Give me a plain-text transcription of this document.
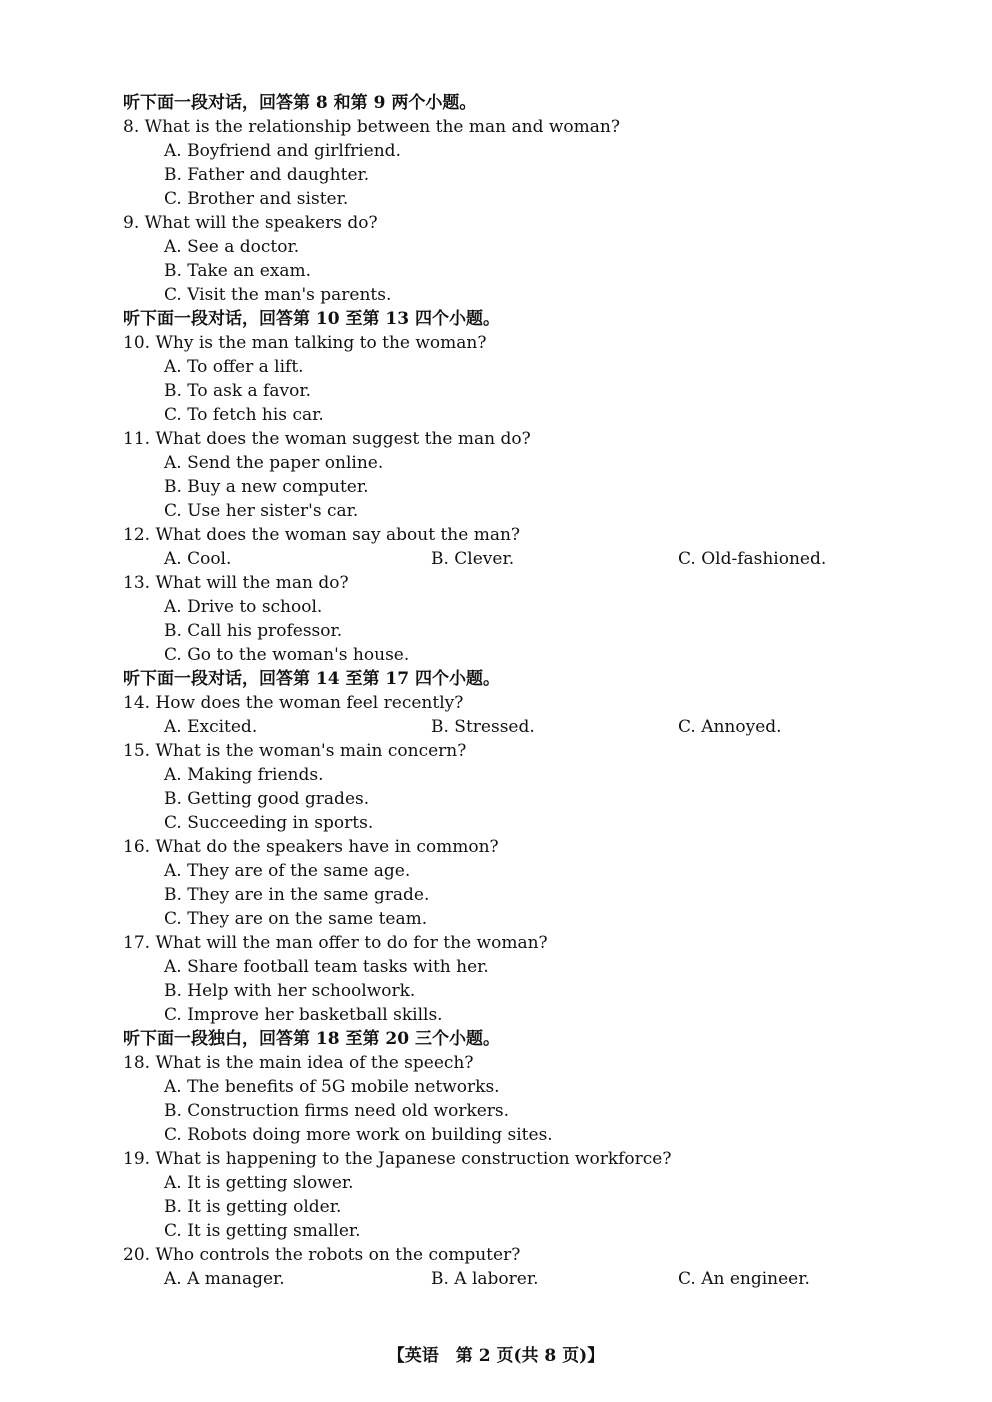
听下面一段对话，回答第 8 和第 9 两个小题。
8. What is the relationship between the man and woman?
A. Boyfriend and girlfriend.
B. Father and daughter.
C. Brother and sister.
9. What will the speakers do?
A. See a doctor.
B. Take an exam.
C. Visit the man's parents.
听下面一段对话，回答第 10 至第 13 四个小题。
10. Why is the man talking to the woman?
A. To offer a lift.
B. To ask a favor.
C. To fetch his car.
11. What does the woman suggest the man do?
A. Send the paper online.
B. Buy a new computer.
C. Use her sister's car.
12. What does the woman say about the man?
A. Cool.	B. Clever.	C. Old-fashioned.
13. What will the man do?
A. Drive to school.
B. Call his professor.
C. Go to the woman's house.
听下面一段对话，回答第 14 至第 17 四个小题。
14. How does the woman feel recently?
A. Excited.	B. Stressed.	C. Annoyed.
15. What is the woman's main concern?
A. Making friends.
B. Getting good grades.
C. Succeeding in sports.
16. What do the speakers have in common?
A. They are of the same age.
B. They are in the same grade.
C. They are on the same team.
17. What will the man offer to do for the woman?
A. Share football team tasks with her.
B. Help with her schoolwork.
C. Improve her basketball skills.
听下面一段独白，回答第 18 至第 20 三个小题。
18. What is the main idea of the speech?
A. The benefits of 5G mobile networks.
B. Construction firms need old workers.
C. Robots doing more work on building sites.
19. What is happening to the Japanese construction workforce?
A. It is getting slower.
B. It is getting older.
C. It is getting smaller.
20. Who controls the robots on the computer?
A. A manager.	B. A laborer.	C. An engineer.
【英语　第 2 页(共 8 页)】
